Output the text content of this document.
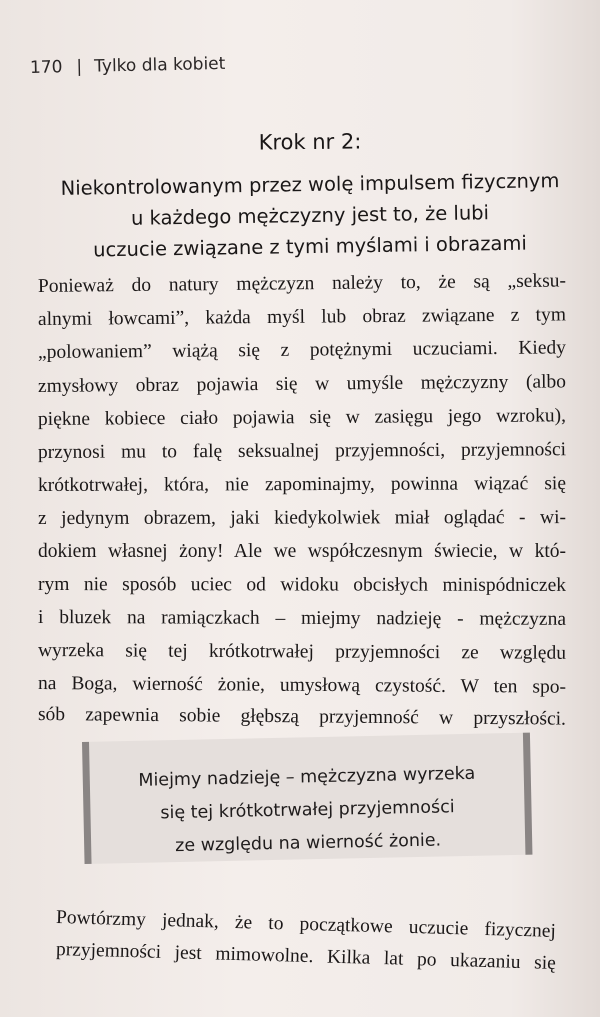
170 | Tylko dla kobiet
Krok nr 2:
Niekontrolowanym przez wolę impulsem fizycznym
u każdego mężczyzny jest to, że lubi
uczucie związane z tymi myślami i obrazami
Ponieważ do natury mężczyzn należy to, że są „seksu-
alnymi łowcami”, każda myśl lub obraz związane z tym
„polowaniem” wiążą się z potężnymi uczuciami. Kiedy
zmysłowy obraz pojawia się w umyśle mężczyzny (albo
piękne kobiece ciało pojawia się w zasięgu jego wzroku),
przynosi mu to falę seksualnej przyjemności, przyjemności
krótkotrwałej, która, nie zapominajmy, powinna wiązać się
z jedynym obrazem, jaki kiedykolwiek miał oglądać - wi-
dokiem własnej żony! Ale we współczesnym świecie, w któ-
rym nie sposób uciec od widoku obcisłych minispódniczek
i bluzek na ramiączkach – miejmy nadzieję - mężczyzna
wyrzeka się tej krótkotrwałej przyjemności ze względu
na Boga, wierność żonie, umysłową czystość. W ten spo-
sób zapewnia sobie głębszą przyjemność w przyszłości.
Miejmy nadzieję – mężczyzna wyrzeka
się tej krótkotrwałej przyjemności
ze względu na wierność żonie.
Powtórzmy jednak, że to początkowe uczucie fizycznej
przyjemności jest mimowolne. Kilka lat po ukazaniu się
